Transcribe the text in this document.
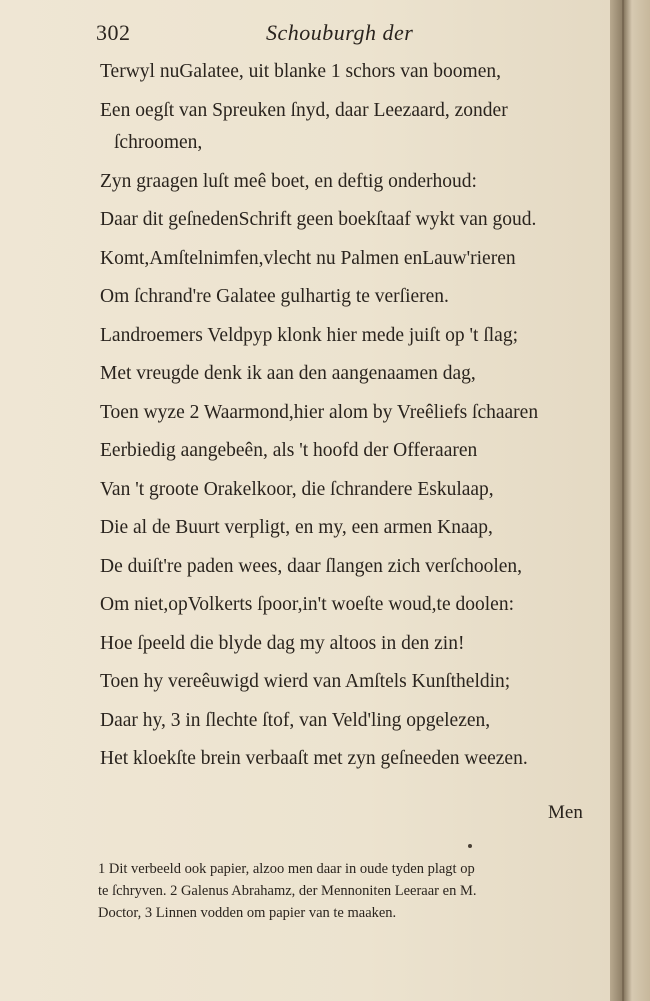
302	Schouburgh der
Terwyl nuGalatee, uit blanke 1 schors van boomen,
Een oegſt van Spreuken ſnyd, daar Leezaard, zonder
ſchroomen,
Zyn graagen luſt meê boet, en deftig onderhoud:
Daar dit geſnedenSchrift geen boekſtaaf wykt van goud.
Komt,Amſtelnimfen,vlecht nu Palmen enLauw'rieren
Om ſchrand're Galatee gulhartig te verſieren.
Landroemers Veldpyp klonk hier mede juiſt op 't ſlag;
Met vreugde denk ik aan den aangenaamen dag,
Toen wyze 2 Waarmond,hier alom by Vreêliefs ſchaaren
Eerbiedig aangebeên, als 't hoofd der Offeraaren
Van 't groote Orakelkoor, die ſchrandere Eskulaap,
Die al de Buurt verpligt, en my, een armen Knaap,
De duiſt're paden wees, daar ſlangen zich verſchoolen,
Om niet,opVolkerts ſpoor,in't woeſte woud,te doolen:
Hoe ſpeeld die blyde dag my altoos in den zin!
Toen hy vereêuwigd wierd van Amſtels Kunſtheldin;
Daar hy, 3 in ſlechte ſtof, van Veld'ling opgelezen,
Het kloekſte brein verbaaſt met zyn geſneeden weezen.
Men
1 Dit verbeeld ook papier, alzoo men daar in oude tyden plagt op
te ſchryven. 2 Galenus Abrahamz, der Mennoniten Leeraar en M.
Doctor, 3 Linnen vodden om papier van te maaken.
